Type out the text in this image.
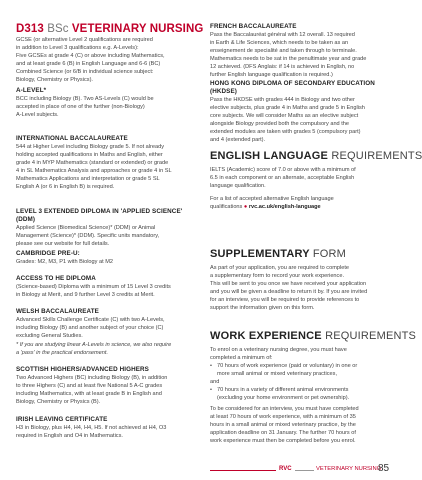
D313 BSc VETERINARY NURSING
GCSE (or alternative Level 2 qualifications are required
in addition to Level 3 qualifications e.g. A-Levels):
Five GCSEs at grade 4 (C) or above including Mathematics,
and at least grade 6 (B) in English Language and 6-6 (BC)
Combined Science (or 6/B in individual science subject:
Biology, Chemistry or Physics).
A-LEVEL*
BCC including Biology (B). Two AS-Levels (C) would be
accepted in place of one of the further (non-Biology)
A-Level subjects.
INTERNATIONAL BACCALAUREATE
544 at Higher Level including Biology grade 5. If not already
holding accepted qualifications in Maths and English, either
grade 4 in MYP Mathematics (standard or extended) or grade
4 in SL Mathematics Analysis and approaches or grade 4 in SL
Mathematics Applications and interpretation or grade 5 SL
English A (or 6 in English B) is required.
LEVEL 3 EXTENDED DIPLOMA IN 'APPLIED SCIENCE' (DDM)
Applied Science (Biomedical Science)* (DDM) or Animal
Management (Science)* (DDM). Specific units mandatory,
please see our website for full details.
CAMBRIDGE PRE-U:
Grades: M2, M3, P1 with Biology at M2
ACCESS TO HE DIPLOMA
(Science-based) Diploma with a minimum of 15 Level 3 credits
in Biology at Merit, and 9 further Level 3 credits at Merit.
WELSH BACCALAUREATE
Advanced Skills Challenge Certificate (C) with two A-Levels,
including Biology (B) and another subject of your choice (C)
excluding General Studies.
* If you are studying linear A-Levels in science, we also require
a 'pass' in the practical endorsement.
SCOTTISH HIGHERS/ADVANCED HIGHERS
Two Advanced Highers (BC) including Biology (B), in addition
to three Highers (C) and at least five National 5 A-C grades
including Mathematics, with at least grade B in English and
Biology, Chemistry or Physics (B).
IRISH LEAVING CERTIFICATE
H3 in Biology, plus H4, H4, H4, H5. If not achieved at H4, O3
required in English and O4 in Mathematics.
FRENCH BACCALAUREATE
Pass the Baccalauréat général with 12 overall. 13 required
in Earth & Life Sciences, which needs to be taken as an
enseignement de specialité and taken through to terminale.
Mathematics needs to be sat in the penultimate year and grade
12 achieved. (DFS Anglais: if 14 is achieved in English, no
further English language qualification is required.)
HONG KONG DIPLOMA OF SECONDARY EDUCATION (HKDSE)
Pass the HKDSE with grades 444 in Biology and two other
elective subjects, plus grade 4 in Maths and grade 5 in English
core subjects. We will consider Maths as an elective subject
alongside Biology provided both the compulsory and the
extended modules are taken with grades 5 (compulsory part)
and 4 (extended part).
ENGLISH LANGUAGE REQUIREMENTS
IELTS (Academic) score of 7.0 or above with a minimum of
6.5 in each component or an alternate, acceptable English
language qualification.
For a list of accepted alternative English language
qualifications ● rvc.ac.uk/english-language
SUPPLEMENTARY FORM
As part of your application, you are required to complete
a supplementary form to record your work experience.
This will be sent to you once we have received your application
and you will be given a deadline to return it by. If you are invited
for an interview, you will be required to provide references to
support the information given on this form.
WORK EXPERIENCE REQUIREMENTS
To enrol on a veterinary nursing degree, you must have
completed a minimum of:
• 70 hours of work experience (paid or voluntary) in one or
more small animal or mixed veterinary practices,
and
• 70 hours in a variety of different animal environments
(excluding your home environment or pet ownership).
To be considered for an interview, you must have completed
at least 70 hours of work experience, with a minimum of 35
hours in a small animal or mixed veterinary practice, by the
application deadline on 31 January. The further 70 hours of
work experience must then be completed before you enrol.
RVC	VETERINARY NURSING
85
